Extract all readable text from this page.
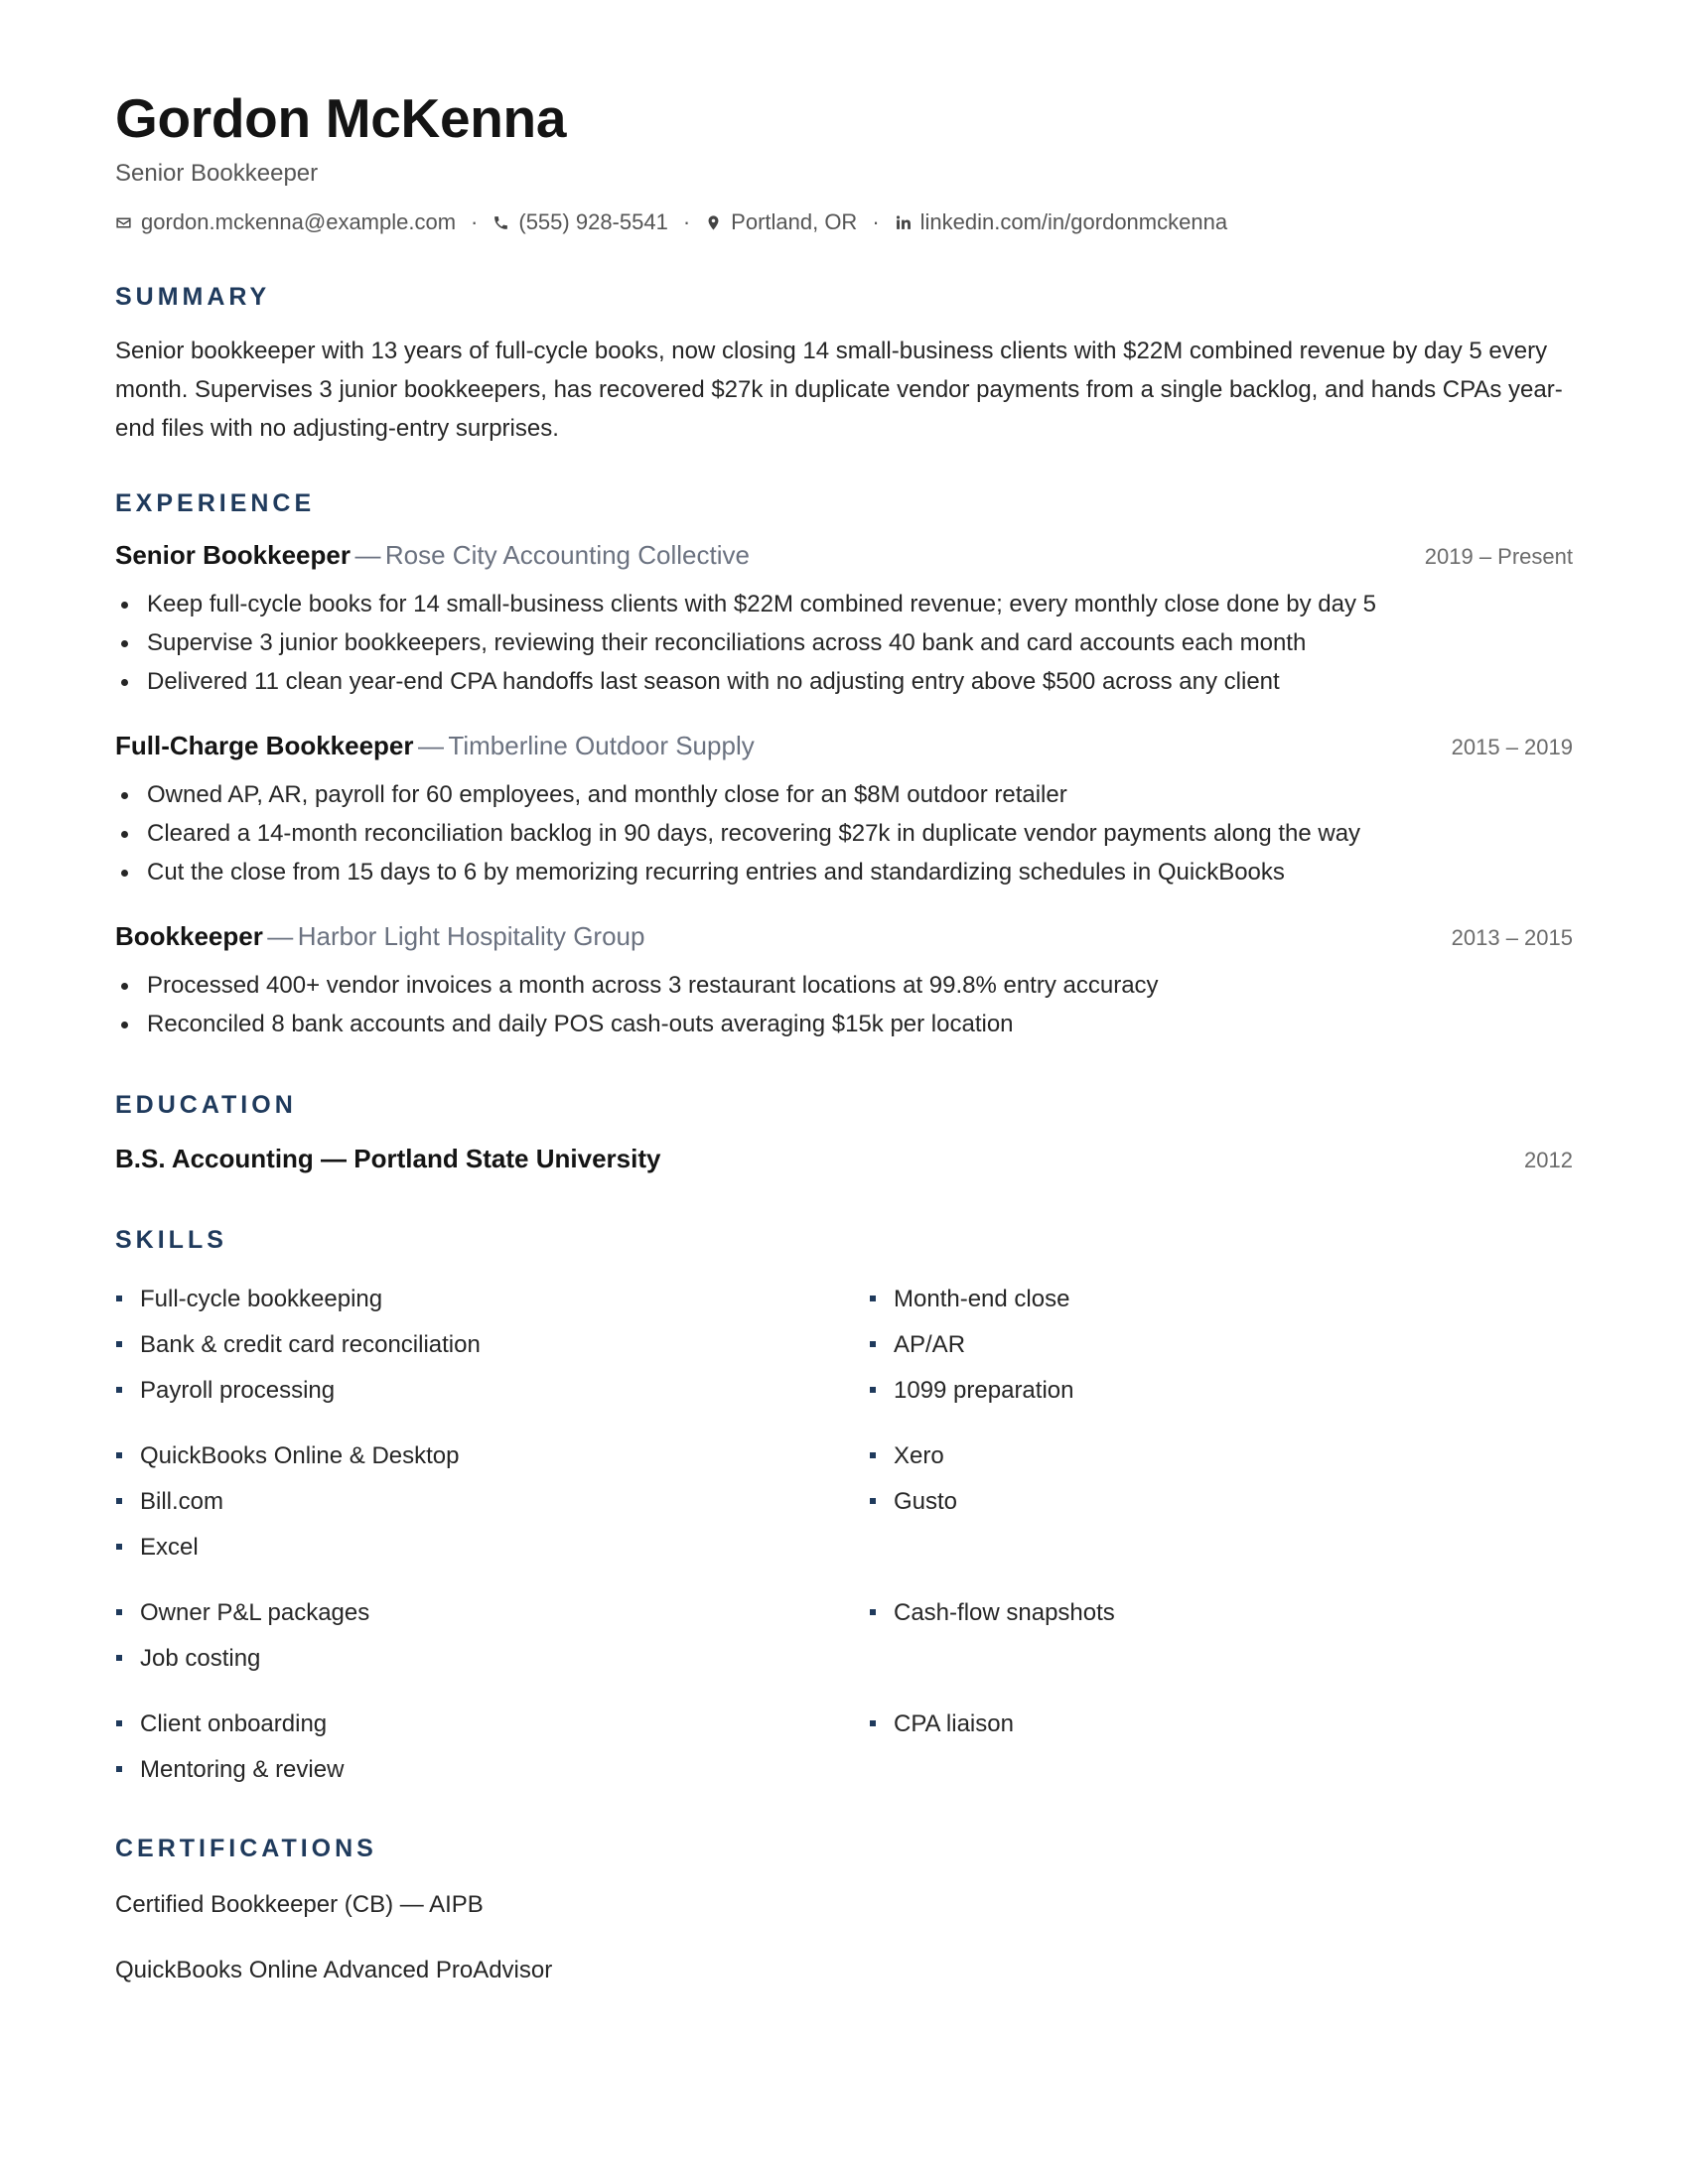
Gordon McKenna
Senior Bookkeeper
gordon.mckenna@example.com · (555) 928-5541 · Portland, OR · linkedin.com/in/gordonmckenna
SUMMARY

Senior bookkeeper with 13 years of full-cycle books, now closing 14 small-business clients with $22M combined revenue by day 5 every month. Supervises 3 junior bookkeepers, has recovered $27k in duplicate vendor payments from a single backlog, and hands CPAs year-end files with no adjusting-entry surprises.

EXPERIENCE
Senior Bookkeeper — Rose City Accounting Collective	2019 – Present
Keep full-cycle books for 14 small-business clients with $22M combined revenue; every monthly close done by day 5
Supervise 3 junior bookkeepers, reviewing their reconciliations across 40 bank and card accounts each month
Delivered 11 clean year-end CPA handoffs last season with no adjusting entry above $500 across any client
Full-Charge Bookkeeper — Timberline Outdoor Supply	2015 – 2019
Owned AP, AR, payroll for 60 employees, and monthly close for an $8M outdoor retailer
Cleared a 14-month reconciliation backlog in 90 days, recovering $27k in duplicate vendor payments along the way
Cut the close from 15 days to 6 by memorizing recurring entries and standardizing schedules in QuickBooks
Bookkeeper — Harbor Light Hospitality Group	2013 – 2015
Processed 400+ vendor invoices a month across 3 restaurant locations at 99.8% entry accuracy
Reconciled 8 bank accounts and daily POS cash-outs averaging $15k per location
EDUCATION
B.S. Accounting — Portland State University	2012
SKILLS
Full-cycle bookkeeping	Month-end close
Bank & credit card reconciliation	AP/AR
Payroll processing	1099 preparation
QuickBooks Online & Desktop	Xero
Bill.com	Gusto
Excel
Owner P&L packages	Cash-flow snapshots
Job costing
Client onboarding	CPA liaison
Mentoring & review
CERTIFICATIONS
Certified Bookkeeper (CB) — AIPB
QuickBooks Online Advanced ProAdvisor
